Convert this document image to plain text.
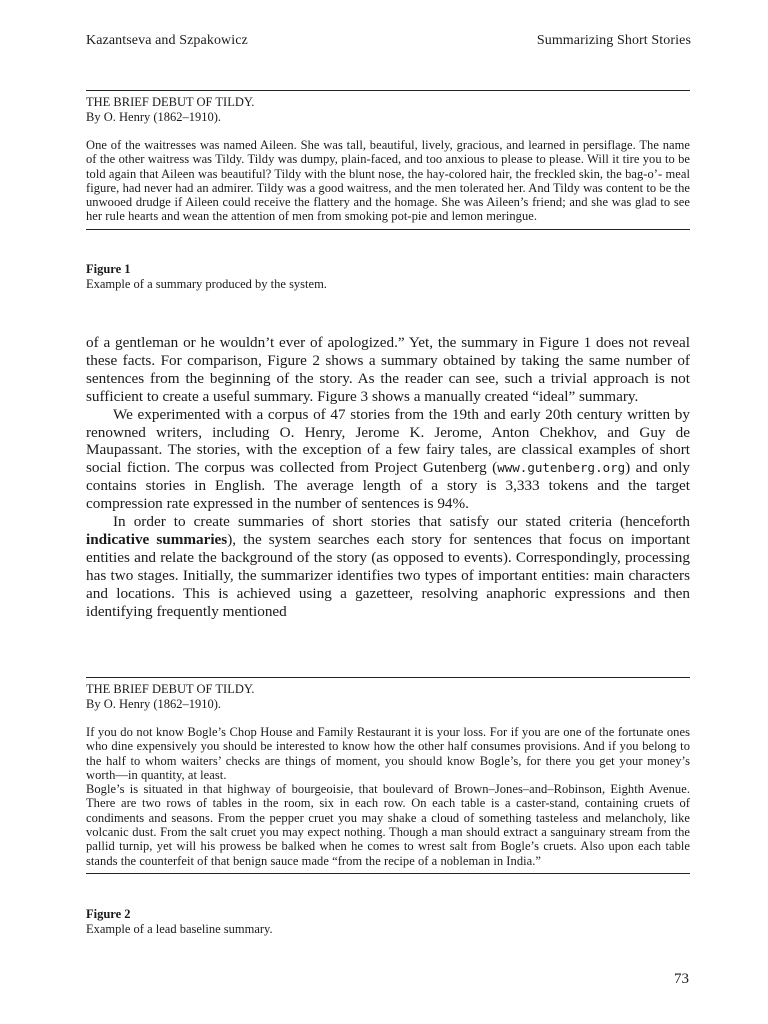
Kazantseva and Szpakowicz	Summarizing Short Stories

THE BRIEF DEBUT OF TILDY.

By O. Henry (1862–1910).

One of the waitresses was named Aileen. She was tall, beautiful, lively, gracious, and learned in persiflage. The name of the other waitress was Tildy. Tildy was dumpy, plain-faced, and too anxious to please to please. Will it tire you to be told again that Aileen was beautiful? Tildy with the blunt nose, the hay-colored hair, the freckled skin, the bag-o’- meal figure, had never had an admirer. Tildy was a good waitress, and the men tolerated her. And Tildy was content to be the unwooed drudge if Aileen could receive the flattery and the homage. She was Aileen’s friend; and she was glad to see her rule hearts and wean the attention of men from smoking pot-pie and lemon meringue.

Figure 1
Example of a summary produced by the system.

of a gentleman or he wouldn’t ever of apologized.” Yet, the summary in Figure 1 does not reveal these facts. For comparison, Figure 2 shows a summary obtained by taking the same number of sentences from the beginning of the story. As the reader can see, such a trivial approach is not sufficient to create a useful summary. Figure 3 shows a manually created “ideal” summary.

We experimented with a corpus of 47 stories from the 19th and early 20th century written by renowned writers, including O. Henry, Jerome K. Jerome, Anton Chekhov, and Guy de Maupassant. The stories, with the exception of a few fairy tales, are classical examples of short social fiction. The corpus was collected from Project Gutenberg (www.gutenberg.org) and only contains stories in English. The average length of a story is 3,333 tokens and the target compression rate expressed in the number of sentences is 94%.

In order to create summaries of short stories that satisfy our stated criteria (henceforth indicative summaries), the system searches each story for sentences that focus on important entities and relate the background of the story (as opposed to events). Correspondingly, processing has two stages. Initially, the summarizer identifies two types of important entities: main characters and locations. This is achieved using a gazetteer, resolving anaphoric expressions and then identifying frequently mentioned

THE BRIEF DEBUT OF TILDY.

By O. Henry (1862–1910).

If you do not know Bogle’s Chop House and Family Restaurant it is your loss. For if you are one of the fortunate ones who dine expensively you should be interested to know how the other half consumes provisions. And if you belong to the half to whom waiters’ checks are things of moment, you should know Bogle’s, for there you get your money’s worth—in quantity, at least.

Bogle’s is situated in that highway of bourgeoisie, that boulevard of Brown–Jones–and–Robinson, Eighth Avenue. There are two rows of tables in the room, six in each row. On each table is a caster-stand, containing cruets of condiments and seasons. From the pepper cruet you may shake a cloud of something tasteless and melancholy, like volcanic dust. From the salt cruet you may expect nothing. Though a man should extract a sanguinary stream from the pallid turnip, yet will his prowess be balked when he comes to wrest salt from Bogle’s cruets. Also upon each table stands the counterfeit of that benign sauce made “from the recipe of a nobleman in India.”

Figure 2
Example of a lead baseline summary.
73
